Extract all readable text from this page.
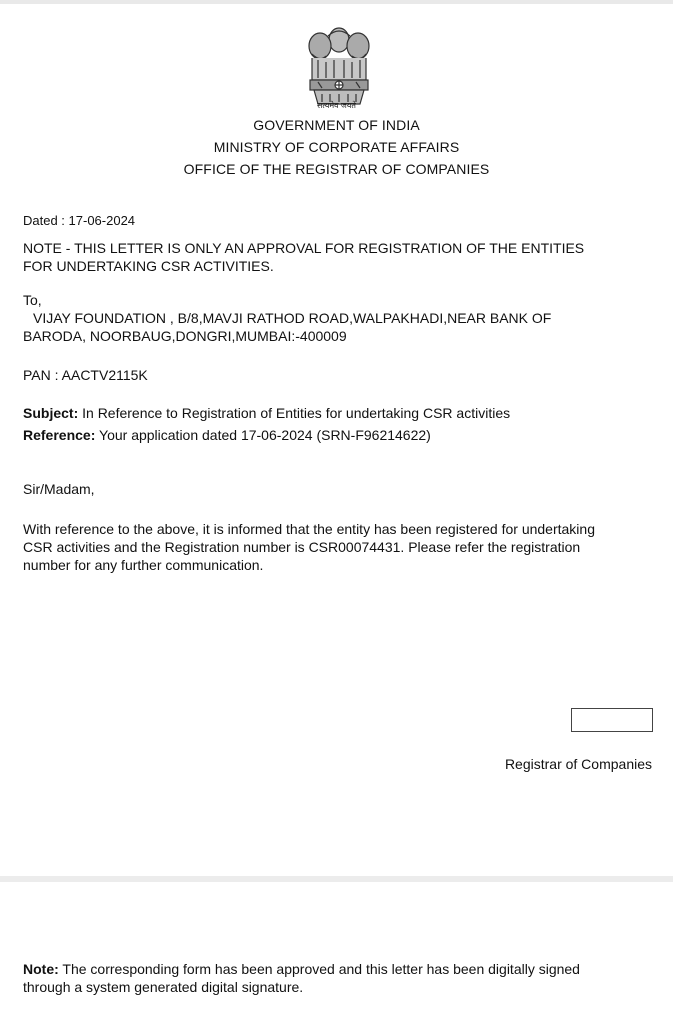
सत्यमेव जयते
GOVERNMENT OF INDIA
MINISTRY OF CORPORATE AFFAIRS
OFFICE OF THE REGISTRAR OF COMPANIES
Dated : 17-06-2024
NOTE - THIS LETTER IS ONLY AN APPROVAL FOR REGISTRATION OF THE ENTITIES
FOR UNDERTAKING CSR ACTIVITIES.
To,
VIJAY FOUNDATION , B/8,MAVJI RATHOD ROAD,WALPAKHADI,NEAR BANK OF
BARODA, NOORBAUG,DONGRI,MUMBAI:-400009
PAN : AACTV2115K
Subject: In Reference to Registration of Entities for undertaking CSR activities
Reference: Your application dated 17-06-2024 (SRN-F96214622)
Sir/Madam,
With reference to the above, it is informed that the entity has been registered for undertaking
CSR activities and the Registration number is CSR00074431. Please refer the registration
number for any further communication.
Registrar of Companies
Note: The corresponding form has been approved and this letter has been digitally signed
through a system generated digital signature.
